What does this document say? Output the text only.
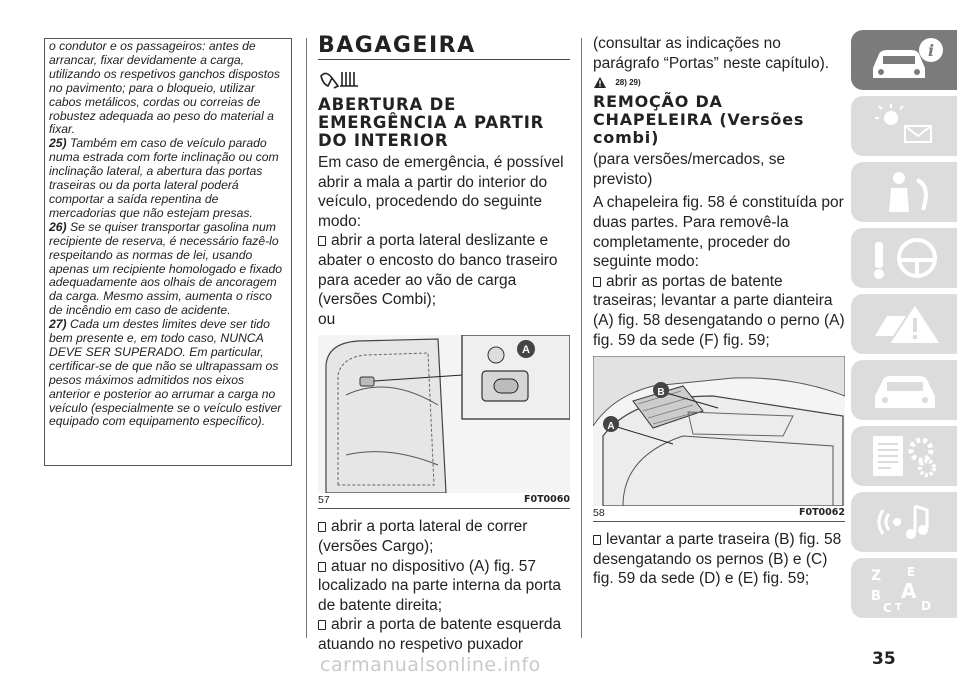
o condutor e os passageiros: antes de arrancar, fixar devidamente a carga, utilizando os respetivos ganchos dispostos no pavimento; para o bloqueio, utilizar cabos metálicos, cordas ou correias de robustez adequada ao peso do material a fixar.

25) Também em caso de veículo parado numa estrada com forte inclinação ou com inclinação lateral, a abertura das portas traseiras ou da porta lateral poderá comportar a saída repentina de mercadorias que não estejam presas.

26) Se se quiser transportar gasolina num recipiente de reserva, é necessário fazê-lo respeitando as normas de lei, usando apenas um recipiente homologado e fixado adequadamente aos olhais de ancoragem da carga. Mesmo assim, aumenta o risco de incêndio em caso de acidente.

27) Cada um destes limites deve ser tido bem presente e, em todo caso, NUNCA DEVE SER SUPERADO. Em particular, certificar-se de que não se ultrapassam os pesos máximos admitidos nos eixos anterior e posterior ao arrumar a carga no veículo (especialmente se o veículo estiver equipado com equipamento específico).

BAGAGEIRA
ABERTURA DE EMERGÊNCIA A PARTIR DO INTERIOR

Em caso de emergência, é possível abrir a mala a partir do interior do veículo, procedendo do seguinte modo:

abrir a porta lateral deslizante e abater o encosto do banco traseiro para aceder ao vão de carga (versões Combi);

ou

A
57	F0T0060

abrir a porta lateral de correr (versões Cargo);

atuar no dispositivo (A) fig. 57 localizado na parte interna da porta de batente direita;

abrir a porta de batente esquerda atuando no respetivo puxador

(consultar as indicações no parágrafo “Portas” neste capítulo).

28) 29)
REMOÇÃO DA CHAPELEIRA (Versões combi)

(para versões/mercados, se previsto)

A chapeleira fig. 58 é constituída por duas partes. Para removê-la completamente, proceder do seguinte modo:

abrir as portas de batente traseiras; levantar a parte dianteira (A) fig. 58 desengatando o perno (A) fig. 59 da sede (F) fig. 59;

B
A
58	F0T0062

levantar a parte traseira (B) fig. 58 desengatando os pernos (B) e (C) fig. 59 da sede (D) e (E) fig. 59;

i
Z E
B A
C D
T
35
carmanualsonline.info
